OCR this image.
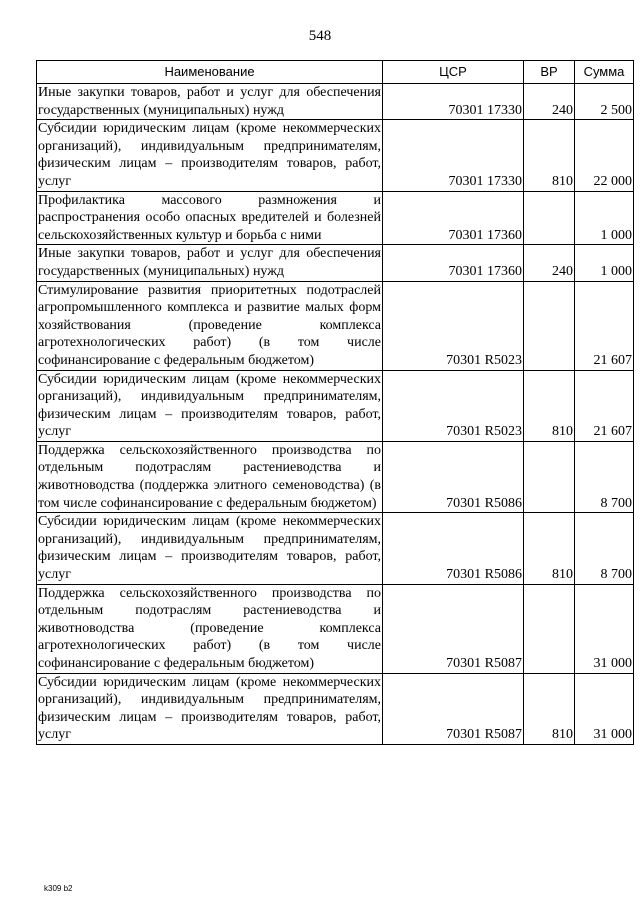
548
Наименование	ЦСР	ВР	Сумма
Иные закупки товаров, работ и услуг для обеспечения государственных (муниципальных) нужд	70301 17330	240	2 500
Субсидии юридическим лицам (кроме некоммерческих организаций), индивидуальным предпринимателям, физическим лицам – производителям товаров, работ, услуг	70301 17330	810	22 000
Профилактика массового размножения и распространения особо опасных вредителей и болезней сельскохозяйственных культур и борьба с ними	70301 17360		1 000
Иные закупки товаров, работ и услуг для обеспечения государственных (муниципальных) нужд	70301 17360	240	1 000
Стимулирование развития приоритетных подотраслей агропромышленного комплекса и развитие малых форм хозяйствования (проведение комплекса агротехнологических работ) (в том числе софинансирование с федеральным бюджетом)	70301 R5023		21 607
Субсидии юридическим лицам (кроме некоммерческих организаций), индивидуальным предпринимателям, физическим лицам – производителям товаров, работ, услуг	70301 R5023	810	21 607
Поддержка сельскохозяйственного производства по отдельным подотраслям растениеводства и животноводства (поддержка элитного семеноводства) (в том числе софинансирование с федеральным бюджетом)	70301 R5086		8 700
Субсидии юридическим лицам (кроме некоммерческих организаций), индивидуальным предпринимателям, физическим лицам – производителям товаров, работ, услуг	70301 R5086	810	8 700
Поддержка сельскохозяйственного производства по отдельным подотраслям растениеводства и животноводства (проведение комплекса агротехнологических работ) (в том числе софинансирование с федеральным бюджетом)	70301 R5087		31 000
Субсидии юридическим лицам (кроме некоммерческих организаций), индивидуальным предпринимателям, физическим лицам – производителям товаров, работ, услуг	70301 R5087	810	31 000
k309 b2
